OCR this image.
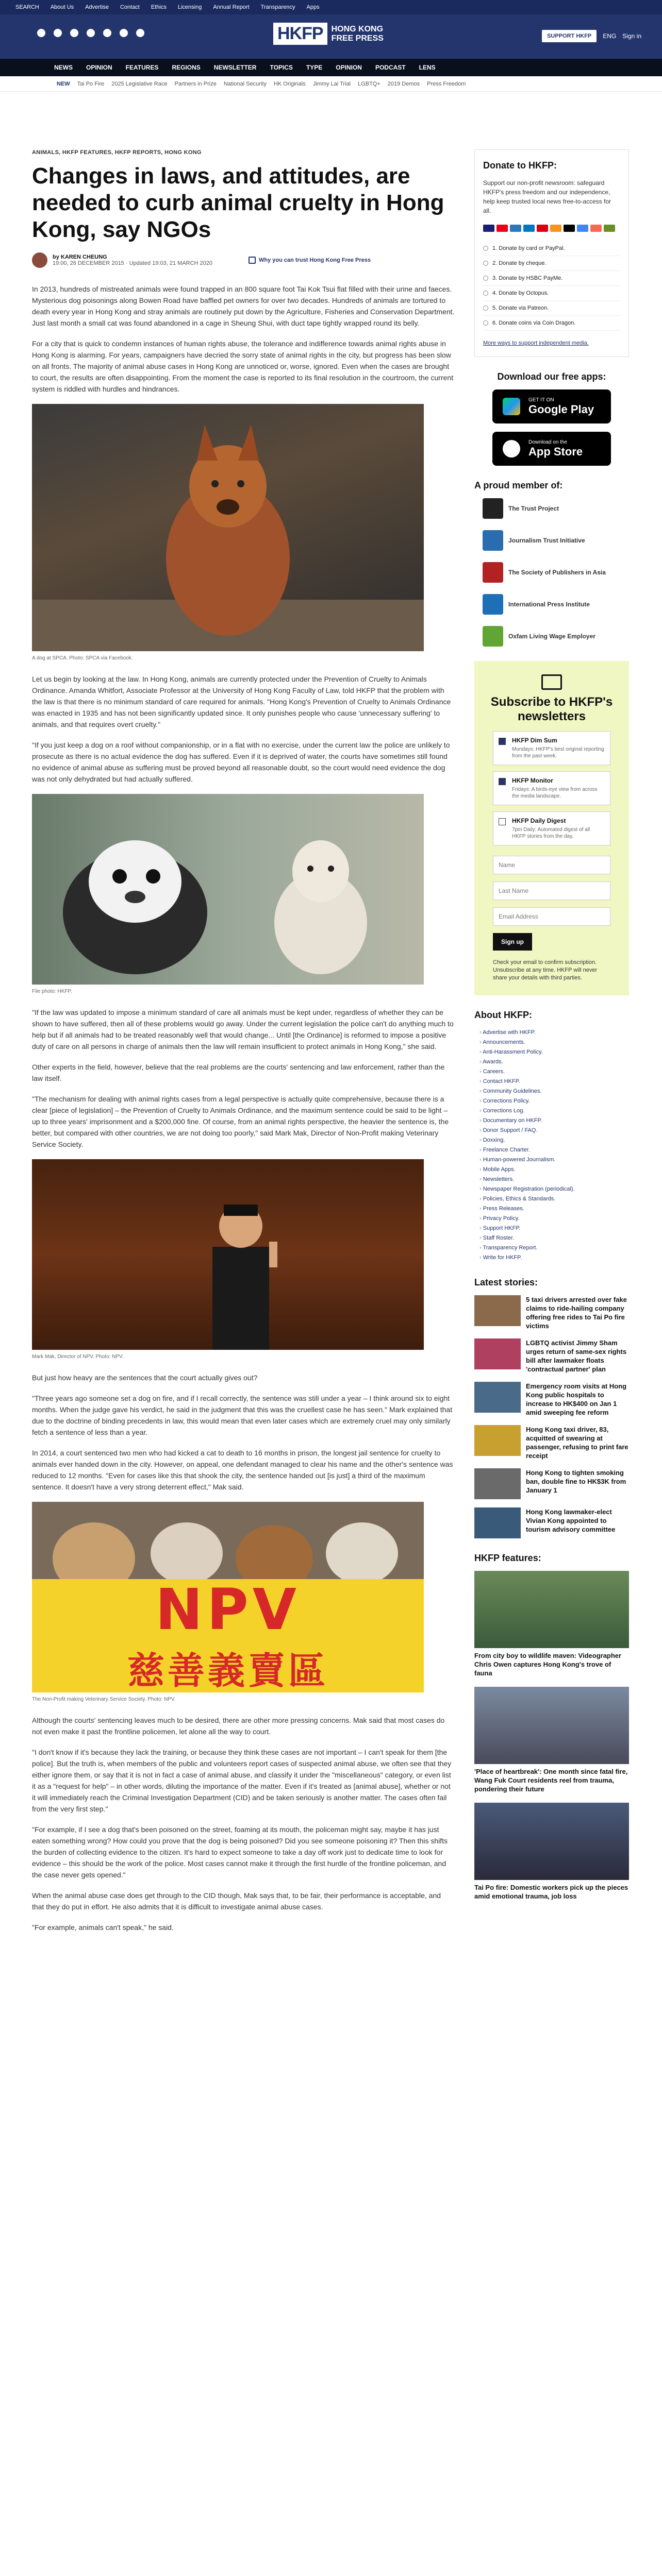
SEARCH About Us Advertise Contact Ethics Licensing Annual Report Transparency Apps
HKFP	HONG KONG
FREE PRESS	SUPPORT HKFP	ENG Sign in
NEWS OPINION FEATURES REGIONS NEWSLETTER TOPICS TYPE OPINION PODCAST LENS
NEW Tai Po Fire 2025 Legislative Race Partners in Prize National Security HK Originals Jimmy Lai Trial LGBTQ+ 2019 Demos Press Freedom
ANIMALS, HKFP FEATURES, HKFP REPORTS, HONG KONG
Changes in laws, and attitudes, are needed to curb animal cruelty in Hong Kong, say NGOs
by KAREN CHEUNG
19:00, 26 DECEMBER 2015 · Updated 19:03, 21 MARCH 2020	Why you can trust Hong Kong Free Press

In 2013, hundreds of mistreated animals were found trapped in an 800 square foot Tai Kok Tsui flat filled with their urine and faeces. Mysterious dog poisonings along Bowen Road have baffled pet owners for over two decades. Hundreds of animals are tortured to death every year in Hong Kong and stray animals are routinely put down by the Agriculture, Fisheries and Conservation Department. Just last month a small cat was found abandoned in a cage in Sheung Shui, with duct tape tightly wrapped round its belly.

For a city that is quick to condemn instances of human rights abuse, the tolerance and indifference towards animal rights abuse in Hong Kong is alarming. For years, campaigners have decried the sorry state of animal rights in the city, but progress has been slow on all fronts. The majority of animal abuse cases in Hong Kong are unnoticed or, worse, ignored. Even when the cases are brought to court, the results are often disappointing. From the moment the case is reported to its final resolution in the courtroom, the current system is riddled with hurdles and hindrances.

A dog at SPCA. Photo: SPCA via Facebook.

Let us begin by looking at the law. In Hong Kong, animals are currently protected under the Prevention of Cruelty to Animals Ordinance. Amanda Whitfort, Associate Professor at the University of Hong Kong Faculty of Law, told HKFP that the problem with the law is that there is no minimum standard of care required for animals. "Hong Kong's Prevention of Cruelty to Animals Ordinance was enacted in 1935 and has not been significantly updated since. It only punishes people who cause 'unnecessary suffering' to animals, and that requires overt cruelty."

"If you just keep a dog on a roof without companionship, or in a flat with no exercise, under the current law the police are unlikely to prosecute as there is no actual evidence the dog has suffered. Even if it is deprived of water, the courts have sometimes still found no evidence of animal abuse as suffering must be proved beyond all reasonable doubt, so the court would need evidence the dog was not only dehydrated but had actually suffered.

File photo: HKFP.

"If the law was updated to impose a minimum standard of care all animals must be kept under, regardless of whether they can be shown to have suffered, then all of these problems would go away. Under the current legislation the police can't do anything much to help but if all animals had to be treated reasonably well that would change... Until [the Ordinance] is reformed to impose a positive duty of care on all persons in charge of animals then the law will remain insufficient to protect animals in Hong Kong," she said.

Other experts in the field, however, believe that the real problems are the courts' sentencing and law enforcement, rather than the law itself.

"The mechanism for dealing with animal rights cases from a legal perspective is actually quite comprehensive, because there is a clear [piece of legislation] – the Prevention of Cruelty to Animals Ordinance, and the maximum sentence could be said to be light – up to three years' imprisonment and a $200,000 fine. Of course, from an animal rights perspective, the heavier the sentence is, the better, but compared with other countries, we are not doing too poorly," said Mark Mak, Director of Non-Profit making Veterinary Service Society.

Mark Mak, Director of NPV. Photo: NPV.

But just how heavy are the sentences that the court actually gives out?

"Three years ago someone set a dog on fire, and if I recall correctly, the sentence was still under a year – I think around six to eight months. When the judge gave his verdict, he said in the judgment that this was the cruellest case he has seen." Mark explained that due to the doctrine of binding precedents in law, this would mean that even later cases which are extremely cruel may only similarly fetch a sentence of less than a year.

In 2014, a court sentenced two men who had kicked a cat to death to 16 months in prison, the longest jail sentence for cruelty to animals ever handed down in the city. However, on appeal, one defendant managed to clear his name and the other's sentence was reduced to 12 months. "Even for cases like this that shook the city, the sentence handed out [is just] a third of the maximum sentence. It doesn't have a very strong deterrent effect," Mak said.

NPV
慈善義賣區
The Non-Profit making Veterinary Service Society. Photo: NPV.

Although the courts' sentencing leaves much to be desired, there are other more pressing concerns. Mak said that most cases do not even make it past the frontline policemen, let alone all the way to court.

"I don't know if it's because they lack the training, or because they think these cases are not important – I can't speak for them [the police]. But the truth is, when members of the public and volunteers report cases of suspected animal abuse, we often see that they either ignore them, or say that it is not in fact a case of animal abuse, and classify it under the "miscellaneous" category, or even list it as a "request for help" – in other words, diluting the importance of the matter. Even if it's treated as [animal abuse], whether or not it will immediately reach the Criminal Investigation Department (CID) and be taken seriously is another matter. The cases often fail from the very first step."

"For example, if I see a dog that's been poisoned on the street, foaming at its mouth, the policeman might say, maybe it has just eaten something wrong? How could you prove that the dog is being poisoned? Did you see someone poisoning it? Then this shifts the burden of collecting evidence to the citizen. It's hard to expect someone to take a day off work just to dedicate time to look for evidence – this should be the work of the police. Most cases cannot make it through the first hurdle of the frontline policeman, and the case never gets opened."

When the animal abuse case does get through to the CID though, Mak says that, to be fair, their performance is acceptable, and that they do put in effort. He also admits that it is difficult to investigate animal abuse cases.

"For example, animals can't speak," he said.

Donate to HKFP:

Support our non-profit newsroom: safeguard HKFP's press freedom and our independence, help keep trusted local news free-to-access for all.

1. Donate by card or PayPal.
2. Donate by cheque.
3. Donate by HSBC PayMe.
4. Donate by Octopus.
5. Donate via Patreon.
6. Donate coins via Coin Dragon.
More ways to support independent media.
Download our free apps:
GET IT ON
Google Play
Download on the
App Store
A proud member of:
The Trust Project
Journalism Trust Initiative
The Society of Publishers in Asia
International Press Institute
Oxfam Living Wage Employer
Subscribe to HKFP's newsletters
HKFP Dim Sum
Mondays: HKFP's best original reporting from the past week.
HKFP Monitor
Fridays: A birds-eye view from across the media landscape.
HKFP Daily Digest
7pm Daily: Automated digest of all HKFP stories from the day.
Name
Last Name
Email Address
Sign up
Check your email to confirm subscription. Unsubscribe at any time. HKFP will never share your details with third parties.
About HKFP:
› Advertise with HKFP.
› Announcements.
› Anti-Harassment Policy.
› Awards.
› Careers.
› Contact HKFP.
› Community Guidelines.
› Corrections Policy.
› Corrections Log.
› Documentary on HKFP.
› Donor Support / FAQ.
› Doxxing.
› Freelance Charter.
› Human-powered Journalism.
› Mobile Apps.
› Newsletters.
› Newspaper Registration (periodical).
› Policies, Ethics & Standards.
› Press Releases.
› Privacy Policy.
› Support HKFP.
› Staff Roster.
› Transparency Report.
› Write for HKFP.
Latest stories:
5 taxi drivers arrested over fake claims to ride-hailing company offering free rides to Tai Po fire victims
LGBTQ activist Jimmy Sham urges return of same-sex rights bill after lawmaker floats 'contractual partner' plan
Emergency room visits at Hong Kong public hospitals to increase to HK$400 on Jan 1 amid sweeping fee reform
Hong Kong taxi driver, 83, acquitted of swearing at passenger, refusing to print fare receipt
Hong Kong to tighten smoking ban, double fine to HK$3K from January 1
Hong Kong lawmaker-elect Vivian Kong appointed to tourism advisory committee
HKFP features:
From city boy to wildlife maven: Videographer Chris Owen captures Hong Kong's trove of fauna
'Place of heartbreak': One month since fatal fire, Wang Fuk Court residents reel from trauma, pondering their future
Tai Po fire: Domestic workers pick up the pieces amid emotional trauma, job loss
